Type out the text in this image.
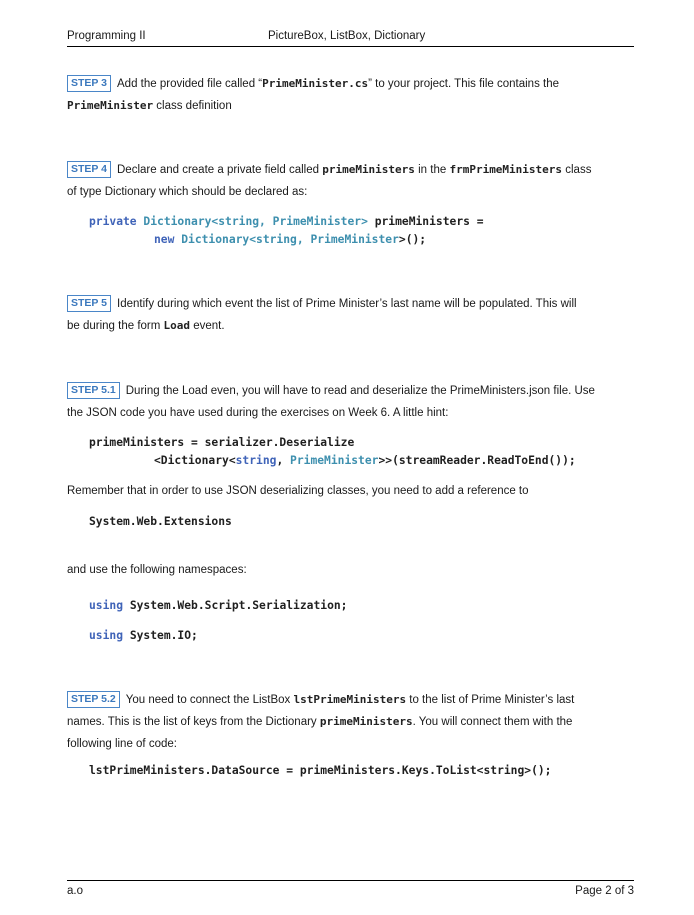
Programming II	PictureBox, ListBox, Dictionary
STEP 3 Add the provided file called “PrimeMinister.cs” to your project. This file contains the
PrimeMinister class definition
STEP 4 Declare and create a private field called primeMinisters in the frmPrimeMinisters class
of type Dictionary which should be declared as:
private Dictionary<string, PrimeMinister> primeMinisters =
new Dictionary<string, PrimeMinister>();
STEP 5 Identify during which event the list of Prime Minister’s last name will be populated. This will
be during the form Load event.
STEP 5.1 During the Load even, you will have to read and deserialize the PrimeMinisters.json file. Use
the JSON code you have used during the exercises on Week 6. A little hint:
primeMinisters = serializer.Deserialize
<Dictionary<string, PrimeMinister>>(streamReader.ReadToEnd());
Remember that in order to use JSON deserializing classes, you need to add a reference to
System.Web.Extensions
and use the following namespaces:
using System.Web.Script.Serialization;
using System.IO;
STEP 5.2 You need to connect the ListBox lstPrimeMinisters to the list of Prime Minister’s last
names. This is the list of keys from the Dictionary primeMinisters. You will connect them with the
following line of code:
lstPrimeMinisters.DataSource = primeMinisters.Keys.ToList<string>();
a.o	Page 2 of 3
